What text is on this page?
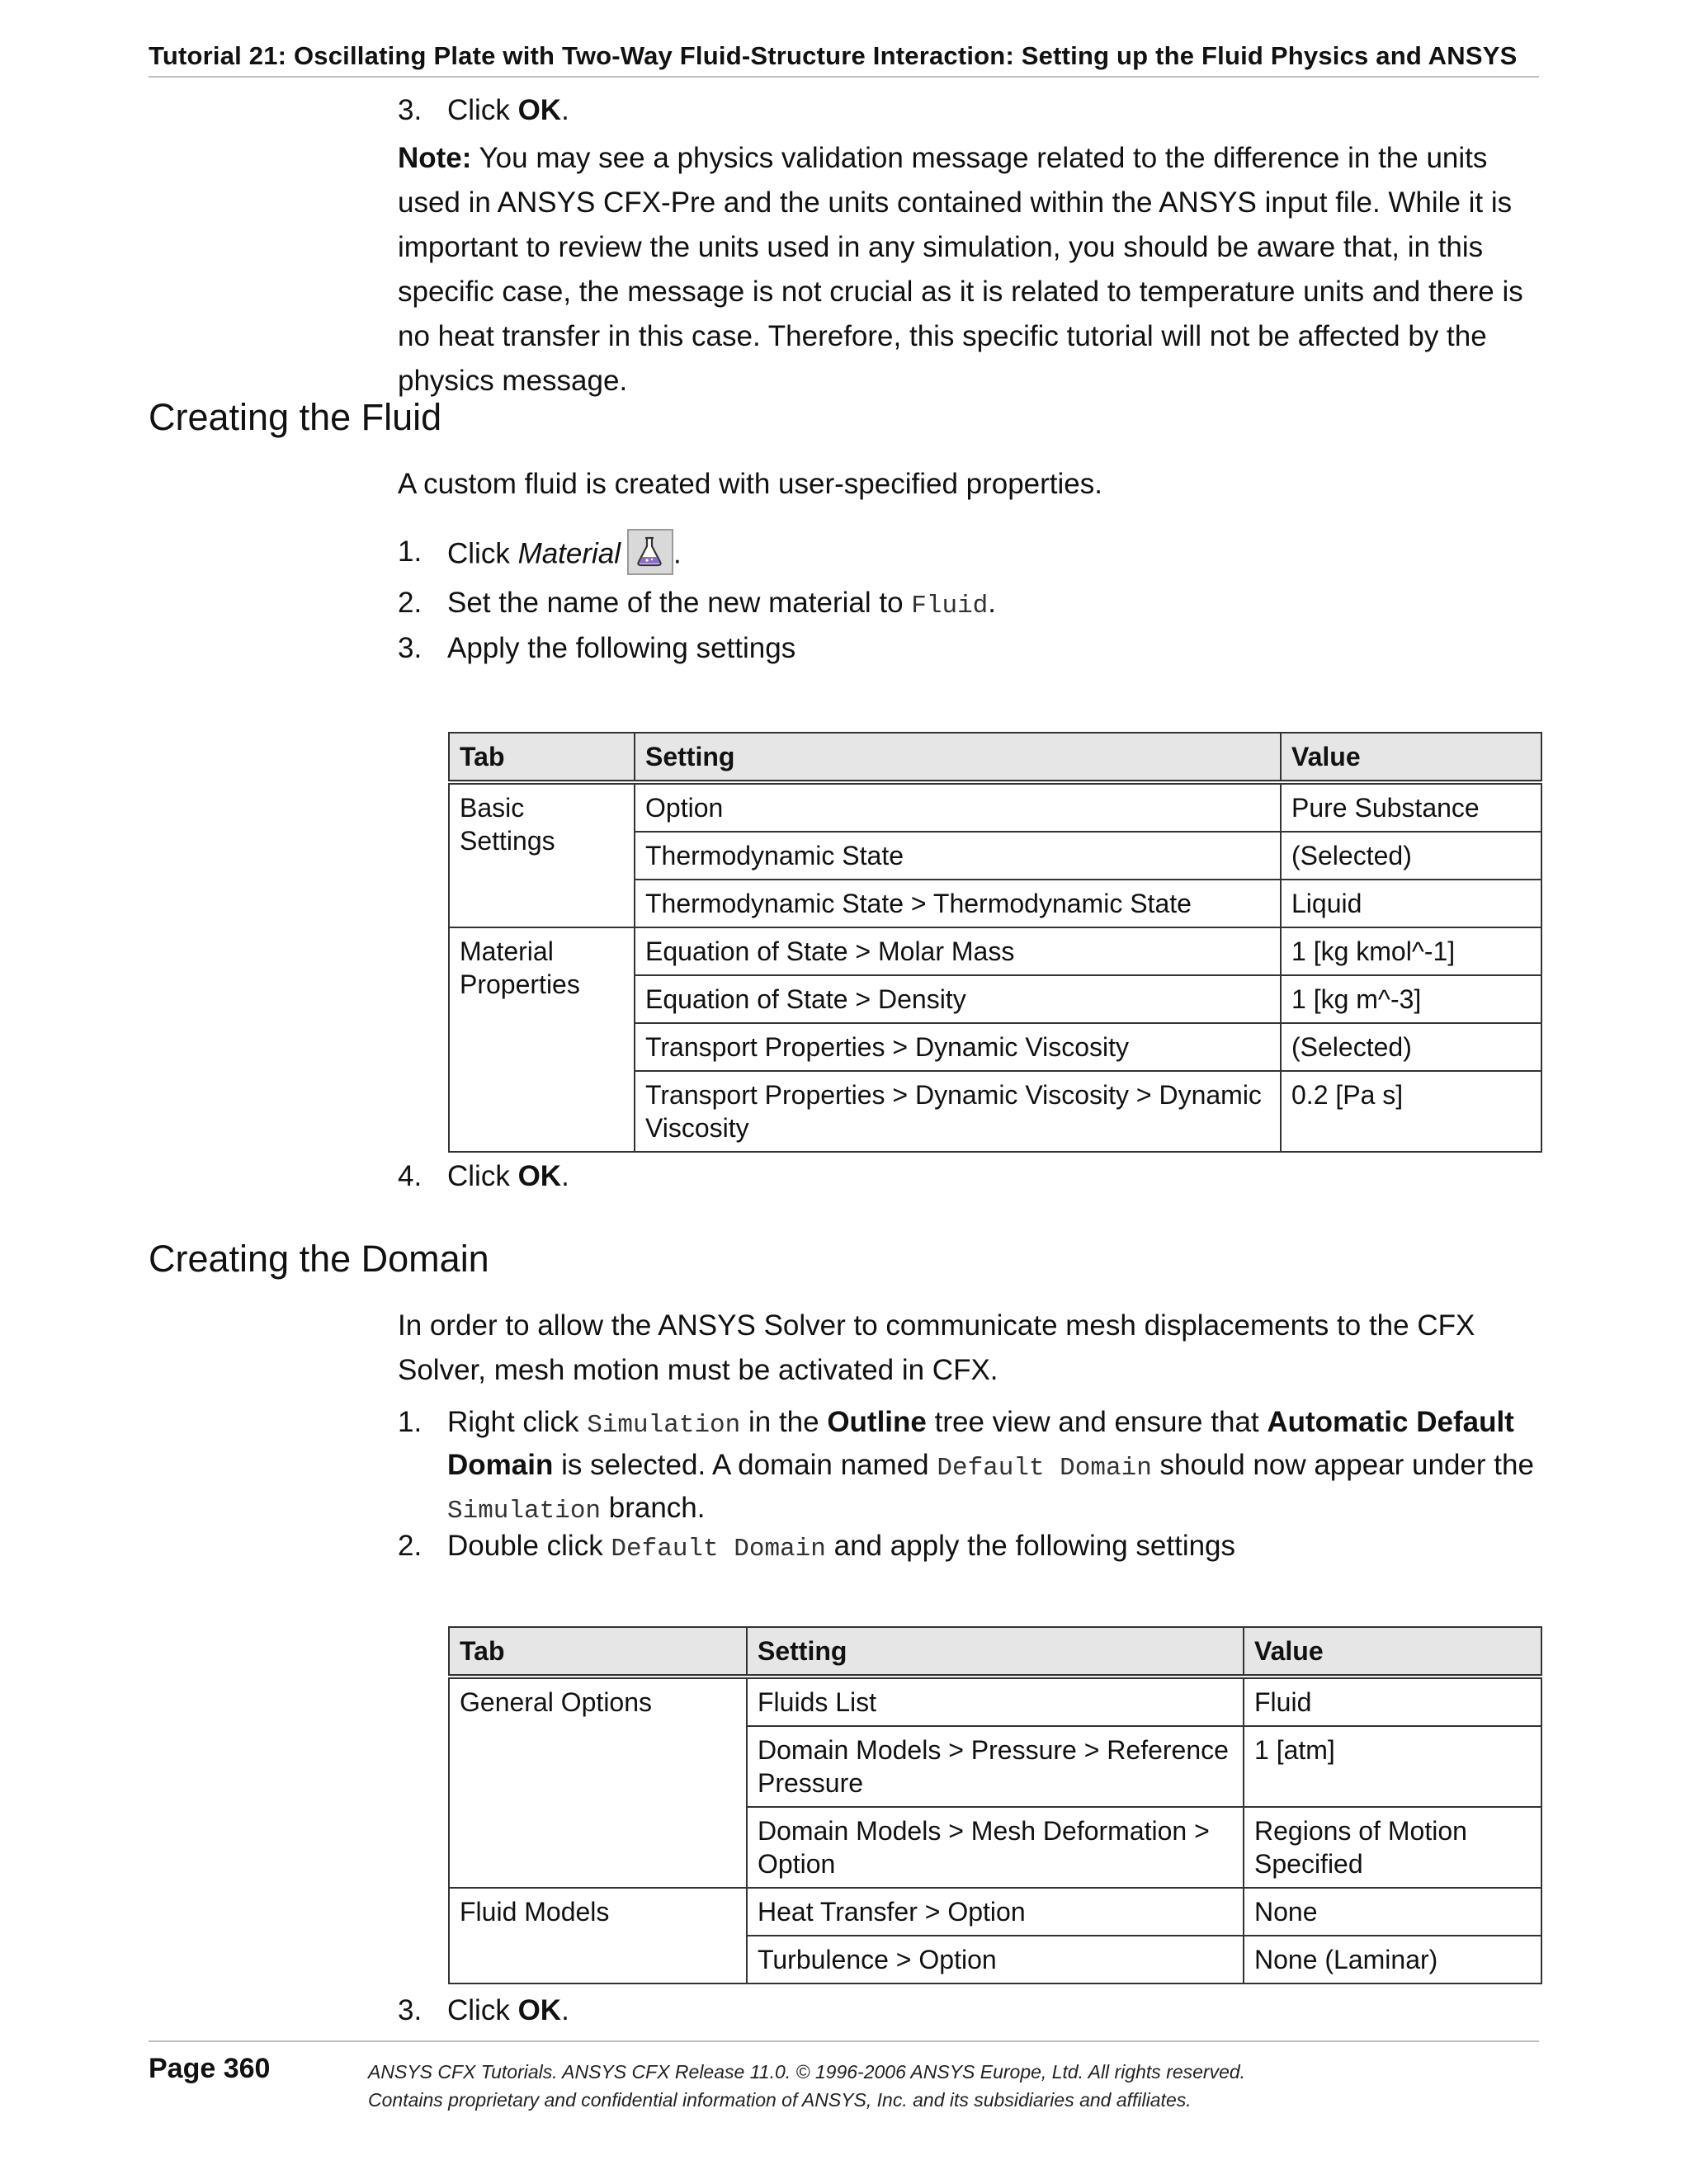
Tutorial 21: Oscillating Plate with Two-Way Fluid-Structure Interaction: Setting up the Fluid Physics and ANSYS
3. Click OK.
Note: You may see a physics validation message related to the difference in the units used in ANSYS CFX-Pre and the units contained within the ANSYS input file. While it is important to review the units used in any simulation, you should be aware that, in this specific case, the message is not crucial as it is related to temperature units and there is no heat transfer in this case. Therefore, this specific tutorial will not be affected by the physics message.
Creating the Fluid
A custom fluid is created with user-specified properties.
1. Click Material .
2. Set the name of the new material to Fluid.
3. Apply the following settings
Tab	Setting	Value
Basic Settings	Option	Pure Substance
	Thermodynamic State	(Selected)
	Thermodynamic State > Thermodynamic State	Liquid
Material Properties	Equation of State > Molar Mass	1 [kg kmol^-1]
	Equation of State > Density	1 [kg m^-3]
	Transport Properties > Dynamic Viscosity	(Selected)
	Transport Properties > Dynamic Viscosity > Dynamic Viscosity	0.2 [Pa s]
4. Click OK.
Creating the Domain
In order to allow the ANSYS Solver to communicate mesh displacements to the CFX Solver, mesh motion must be activated in CFX.
1. Right click Simulation in the Outline tree view and ensure that Automatic Default Domain is selected. A domain named Default Domain should now appear under the Simulation branch.
2. Double click Default Domain and apply the following settings
Tab	Setting	Value
General Options	Fluids List	Fluid
	Domain Models > Pressure > Reference Pressure	1 [atm]
	Domain Models > Mesh Deformation > Option	Regions of Motion Specified
Fluid Models	Heat Transfer > Option	None
	Turbulence > Option	None (Laminar)
3. Click OK.
Page 360	ANSYS CFX Tutorials. ANSYS CFX Release 11.0. © 1996-2006 ANSYS Europe, Ltd. All rights reserved.
Contains proprietary and confidential information of ANSYS, Inc. and its subsidiaries and affiliates.
